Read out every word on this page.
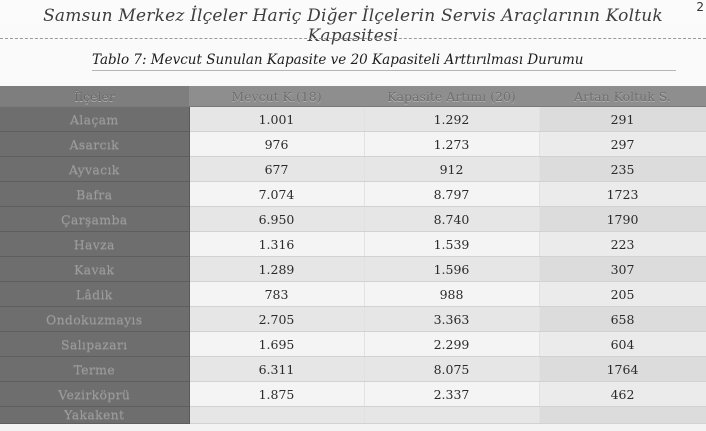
2
Samsun Merkez İlçeler Hariç Diğer İlçelerin Servis Araçlarının Koltuk Kapasitesi
Tablo 7: Mevcut Sunulan Kapasite ve 20 Kapasiteli Arttırılması Durumu
İlçeler	Mevcut K.(18)	Kapasite Artımı (20)	Artan Koltuk S.
Alaçam	1.001	1.292	291
Asarcık	976	1.273	297
Ayvacık	677	912	235
Bafra	7.074	8.797	1723
Çarşamba	6.950	8.740	1790
Havza	1.316	1.539	223
Kavak	1.289	1.596	307
Lâdik	783	988	205
Ondokuzmayıs	2.705	3.363	658
Salıpazarı	1.695	2.299	604
Terme	6.311	8.075	1764
Vezirköprü	1.875	2.337	462
Yakakent			
